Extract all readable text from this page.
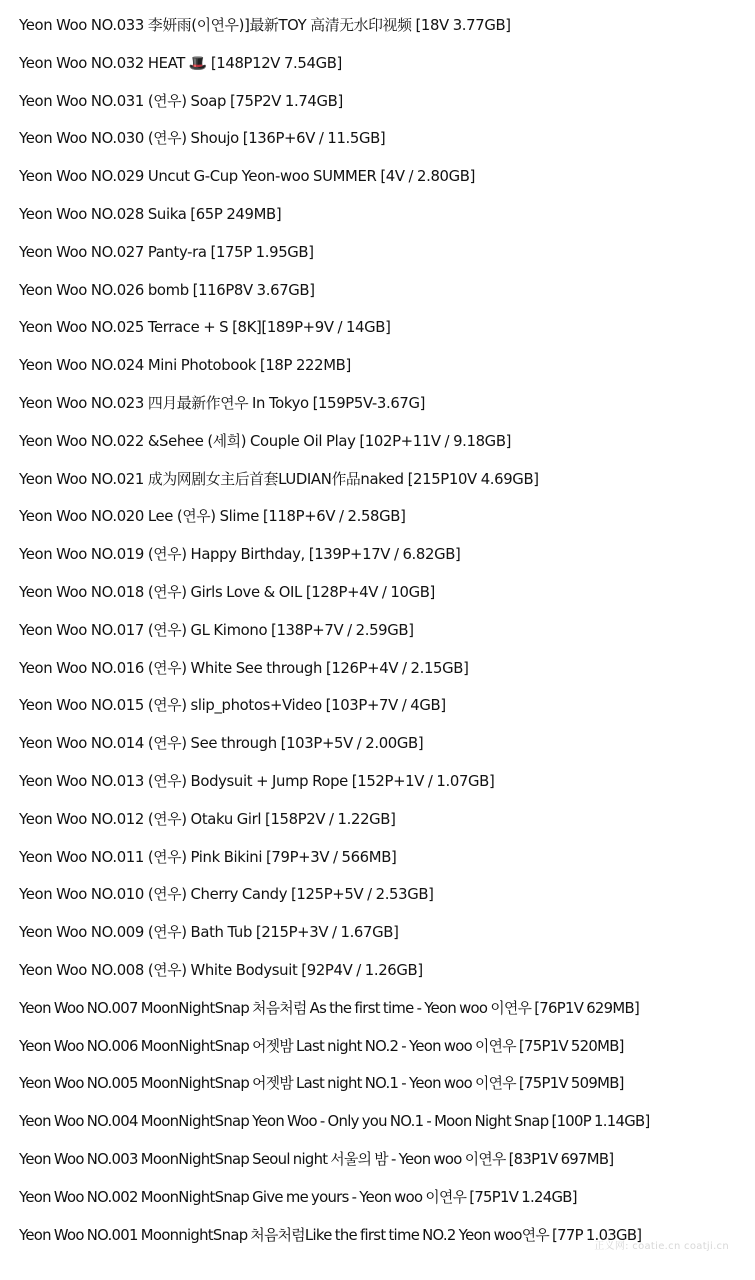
Yeon Woo NO.033 李妍雨(이연우)]最新TOY 高清无水印视频 [18V 3.77GB]
Yeon Woo NO.032 HEAT 🎩 [148P12V 7.54GB]
Yeon Woo NO.031 (연우) Soap [75P2V 1.74GB]
Yeon Woo NO.030 (연우) Shoujo [136P+6V / 11.5GB]
Yeon Woo NO.029 Uncut G-Cup Yeon-woo SUMMER [4V / 2.80GB]
Yeon Woo NO.028 Suika [65P 249MB]
Yeon Woo NO.027 Panty-ra [175P 1.95GB]
Yeon Woo NO.026 bomb [116P8V 3.67GB]
Yeon Woo NO.025 Terrace + S [8K][189P+9V / 14GB]
Yeon Woo NO.024 Mini Photobook [18P 222MB]
Yeon Woo NO.023 四月最新作연우 In Tokyo [159P5V-3.67G]
Yeon Woo NO.022 &Sehee (세희) Couple Oil Play [102P+11V / 9.18GB]
Yeon Woo NO.021 成为网剧女主后首套LUDIAN作品naked [215P10V 4.69GB]
Yeon Woo NO.020 Lee (연우) Slime [118P+6V / 2.58GB]
Yeon Woo NO.019 (연우) Happy Birthday, [139P+17V / 6.82GB]
Yeon Woo NO.018 (연우) Girls Love & OIL [128P+4V / 10GB]
Yeon Woo NO.017 (연우) GL Kimono [138P+7V / 2.59GB]
Yeon Woo NO.016 (연우) White See through [126P+4V / 2.15GB]
Yeon Woo NO.015 (연우) slip_photos+Video [103P+7V / 4GB]
Yeon Woo NO.014 (연우) See through [103P+5V / 2.00GB]
Yeon Woo NO.013 (연우) Bodysuit + Jump Rope [152P+1V / 1.07GB]
Yeon Woo NO.012 (연우) Otaku Girl [158P2V / 1.22GB]
Yeon Woo NO.011 (연우) Pink Bikini [79P+3V / 566MB]
Yeon Woo NO.010 (연우) Cherry Candy [125P+5V / 2.53GB]
Yeon Woo NO.009 (연우) Bath Tub [215P+3V / 1.67GB]
Yeon Woo NO.008 (연우) White Bodysuit [92P4V / 1.26GB]
Yeon Woo NO.007 MoonNightSnap 처음처럼 As the first time - Yeon woo 이연우 [76P1V 629MB]
Yeon Woo NO.006 MoonNightSnap 어젯밤 Last night NO.2 - Yeon woo 이연우 [75P1V 520MB]
Yeon Woo NO.005 MoonNightSnap 어젯밤 Last night NO.1 - Yeon woo 이연우 [75P1V 509MB]
Yeon Woo NO.004 MoonNightSnap Yeon Woo - Only you NO.1 - Moon Night Snap [100P 1.14GB]
Yeon Woo NO.003 MoonNightSnap Seoul night 서울의 밤 - Yeon woo 이연우 [83P1V 697MB]
Yeon Woo NO.002 MoonNightSnap Give me yours - Yeon woo 이연우 [75P1V 1.24GB]
Yeon Woo NO.001 MoonnightSnap 처음처럼Like the first time NO.2 Yeon woo연우 [77P 1.03GB]
正义网: coatie.cn coatji.cn
